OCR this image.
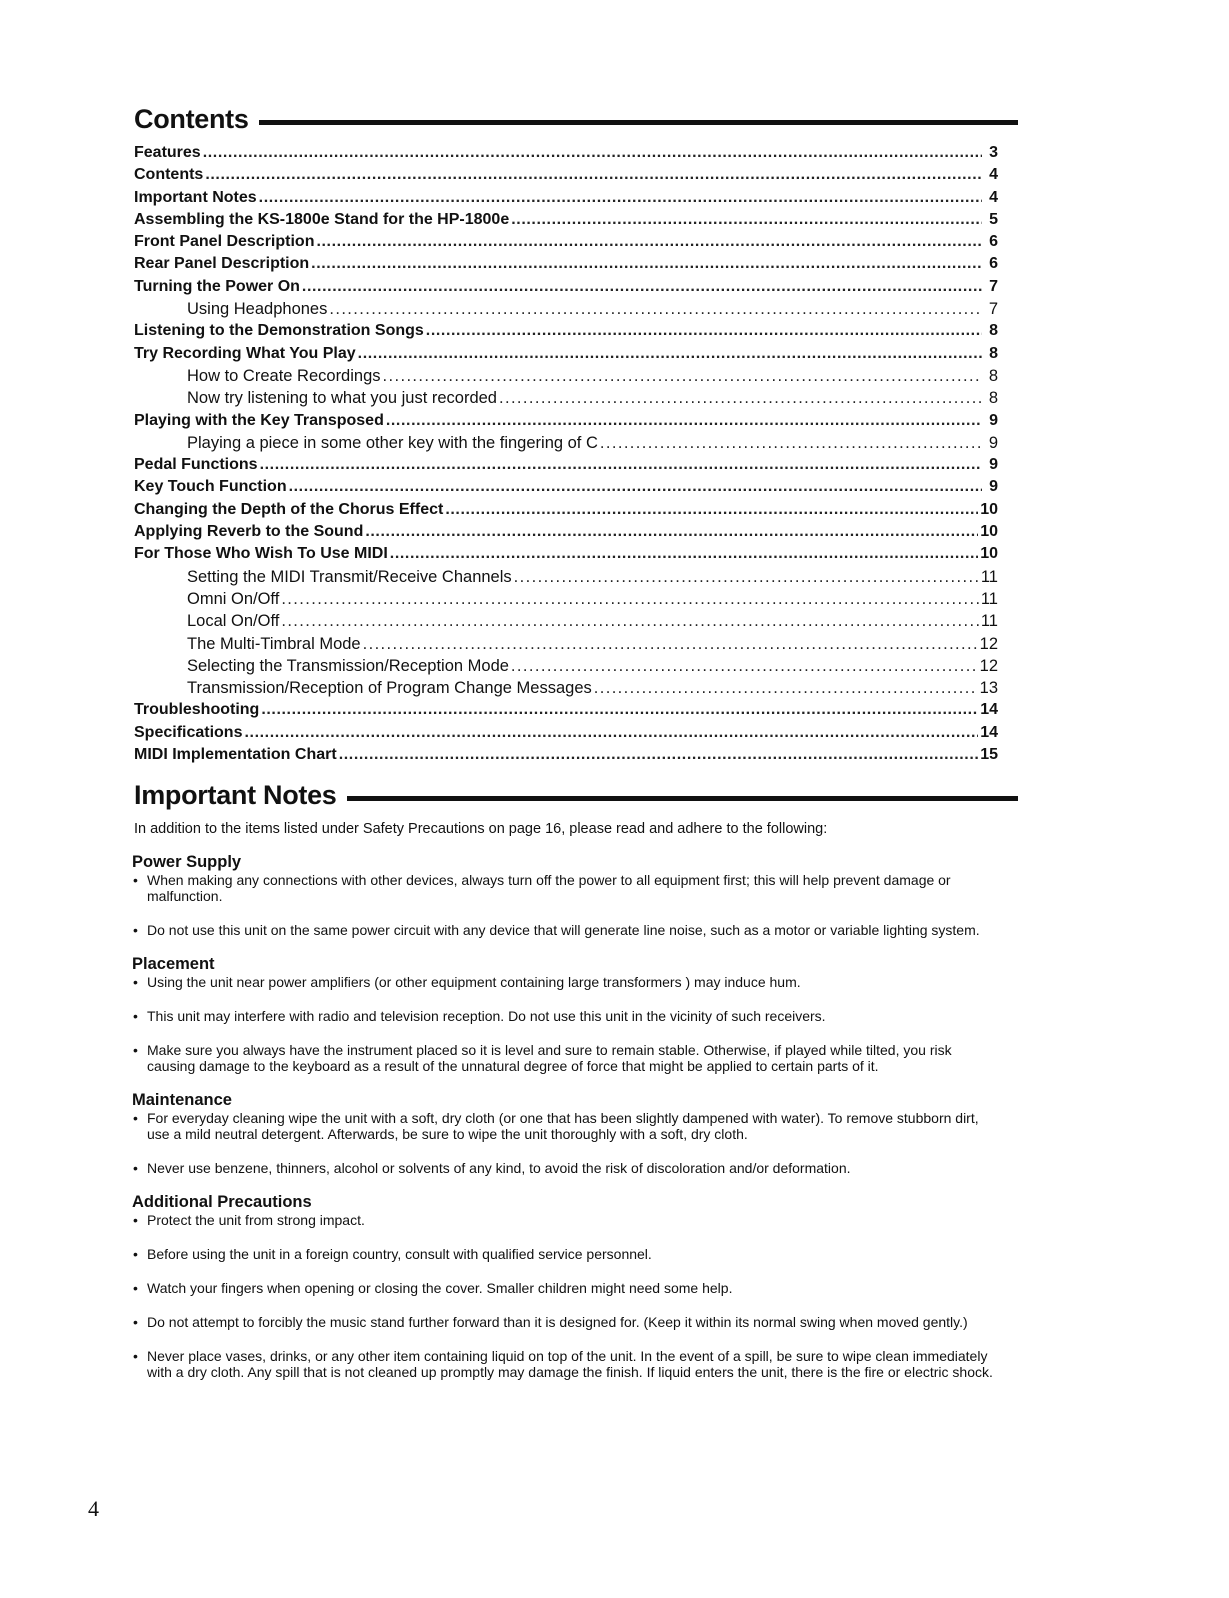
Contents
Features .....	3
Contents .....	4
Important Notes .....	4
Assembling the KS-1800e Stand for the HP-1800e .....	5
Front Panel Description .....	6
Rear Panel Description .....	6
Turning the Power On .....	7
Using Headphones .....	7
Listening to the Demonstration Songs .....	8
Try Recording What You Play .....	8
How to Create Recordings .....	8
Now try listening to what you just recorded .....	8
Playing with the Key Transposed .....	9
Playing a piece in some other key with the fingering of C .....	9
Pedal Functions .....	9
Key Touch Function .....	9
Changing the Depth of the Chorus Effect .....	10
Applying Reverb to the Sound .....	10
For Those Who Wish To Use MIDI .....	10
Setting the MIDI Transmit/Receive Channels .....	11
Omni On/Off .....	11
Local On/Off .....	11
The Multi-Timbral Mode .....	12
Selecting the Transmission/Reception Mode .....	12
Transmission/Reception of Program Change Messages .....	13
Troubleshooting .....	14
Specifications .....	14
MIDI Implementation Chart .....	15
Important Notes

In addition to the items listed under Safety Precautions on page 16, please read and adhere to the following:

Power Supply
• When making any connections with other devices, always turn off the power to all equipment first; this will help prevent damage or malfunction.
• Do not use this unit on the same power circuit with any device that will generate line noise, such as a motor or variable lighting system.
Placement
• Using the unit near power amplifiers (or other equipment containing large transformers ) may induce hum.
• This unit may interfere with radio and television reception. Do not use this unit in the vicinity of such receivers.
• Make sure you always have the instrument placed so it is level and sure to remain stable. Otherwise, if played while tilted, you risk causing damage to the keyboard as a result of the unnatural degree of force that might be applied to certain parts of it.
Maintenance
• For everyday cleaning wipe the unit with a soft, dry cloth (or one that has been slightly dampened with water). To remove stubborn dirt, use a mild neutral detergent. Afterwards, be sure to wipe the unit thoroughly with a soft, dry cloth.
• Never use benzene, thinners, alcohol or solvents of any kind, to avoid the risk of discoloration and/or deformation.
Additional Precautions
• Protect the unit from strong impact.
• Before using the unit in a foreign country, consult with qualified service personnel.
• Watch your fingers when opening or closing the cover. Smaller children might need some help.
• Do not attempt to forcibly the music stand further forward than it is designed for. (Keep it within its normal swing when moved gently.)
• Never place vases, drinks, or any other item containing liquid on top of the unit. In the event of a spill, be sure to wipe clean immediately with a dry cloth. Any spill that is not cleaned up promptly may damage the finish. If liquid enters the unit, there is the fire or electric shock.
4
